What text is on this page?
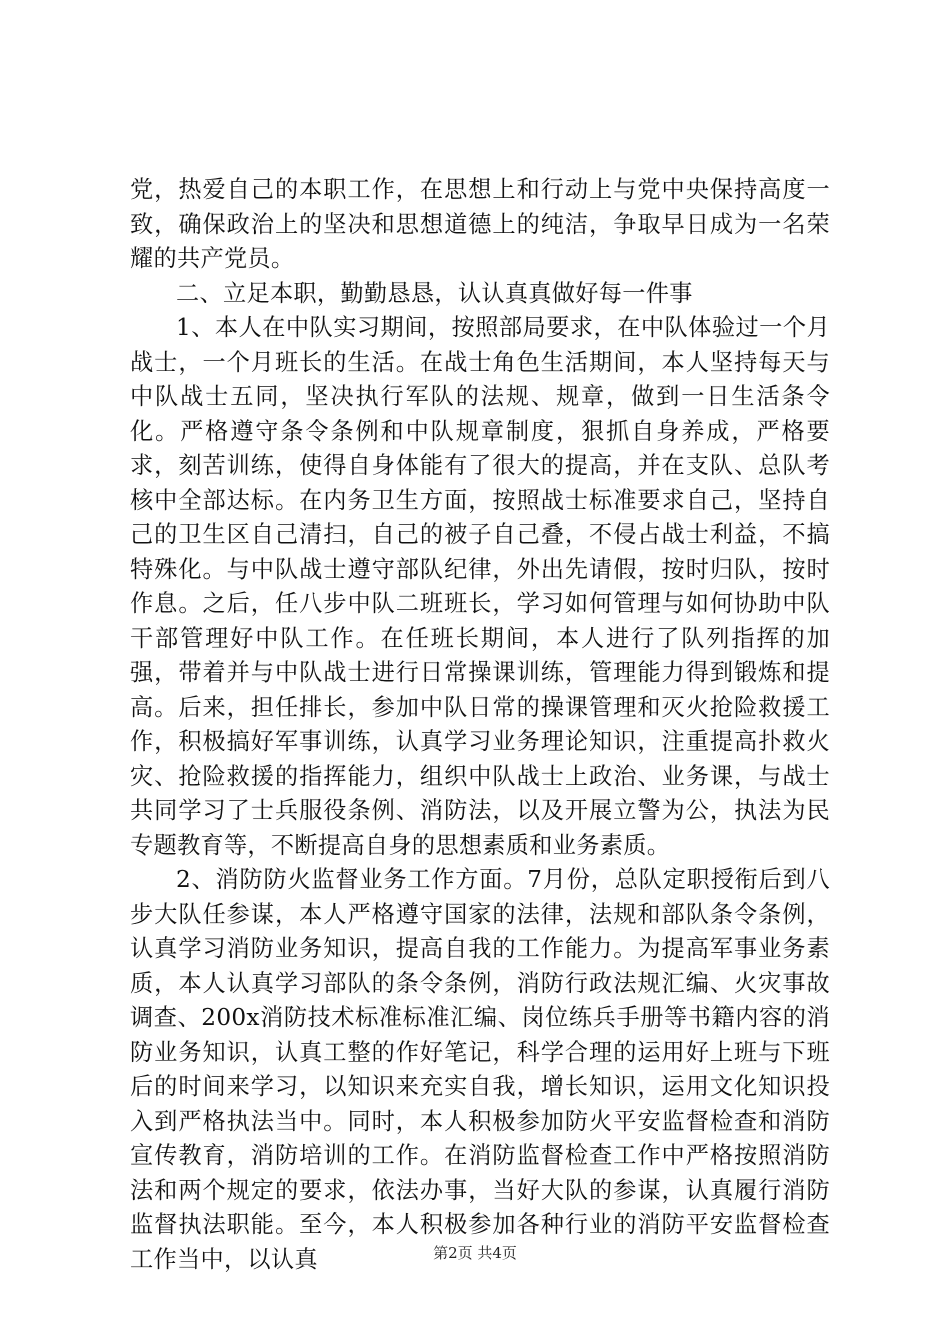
党，热爱自己的本职工作，在思想上和行动上与党中央保持高度一致，确保政治上的坚决和思想道德上的纯洁，争取早日成为一名荣耀的共产党员。

二、立足本职，勤勤恳恳，认认真真做好每一件事

1、本人在中队实习期间，按照部局要求，在中队体验过一个月战士，一个月班长的生活。在战士角色生活期间，本人坚持每天与中队战士五同，坚决执行军队的法规、规章，做到一日生活条令化。严格遵守条令条例和中队规章制度，狠抓自身养成，严格要求，刻苦训练，使得自身体能有了很大的提高，并在支队、总队考核中全部达标。在内务卫生方面，按照战士标准要求自己，坚持自己的卫生区自己清扫，自己的被子自己叠，不侵占战士利益，不搞特殊化。与中队战士遵守部队纪律，外出先请假，按时归队，按时作息。之后，任八步中队二班班长，学习如何管理与如何协助中队干部管理好中队工作。在任班长期间，本人进行了队列指挥的加强，带着并与中队战士进行日常操课训练，管理能力得到锻炼和提高。后来，担任排长，参加中队日常的操课管理和灭火抢险救援工作，积极搞好军事训练，认真学习业务理论知识，注重提高扑救火灾、抢险救援的指挥能力，组织中队战士上政治、业务课，与战士共同学习了士兵服役条例、消防法，以及开展立警为公，执法为民专题教育等，不断提高自身的思想素质和业务素质。

2、消防防火监督业务工作方面。7月份，总队定职授衔后到八步大队任参谋，本人严格遵守国家的法律，法规和部队条令条例，认真学习消防业务知识，提高自我的工作能力。为提高军事业务素质，本人认真学习部队的条令条例，消防行政法规汇编、火灾事故调查、200x消防技术标准标准汇编、岗位练兵手册等书籍内容的消防业务知识，认真工整的作好笔记，科学合理的运用好上班与下班后的时间来学习，以知识来充实自我，增长知识，运用文化知识投入到严格执法当中。同时，本人积极参加防火平安监督检查和消防宣传教育，消防培训的工作。在消防监督检查工作中严格按照消防法和两个规定的要求，依法办事，当好大队的参谋，认真履行消防监督执法职能。至今，本人积极参加各种行业的消防平安监督检查工作当中，以认真	第2页 共4页
